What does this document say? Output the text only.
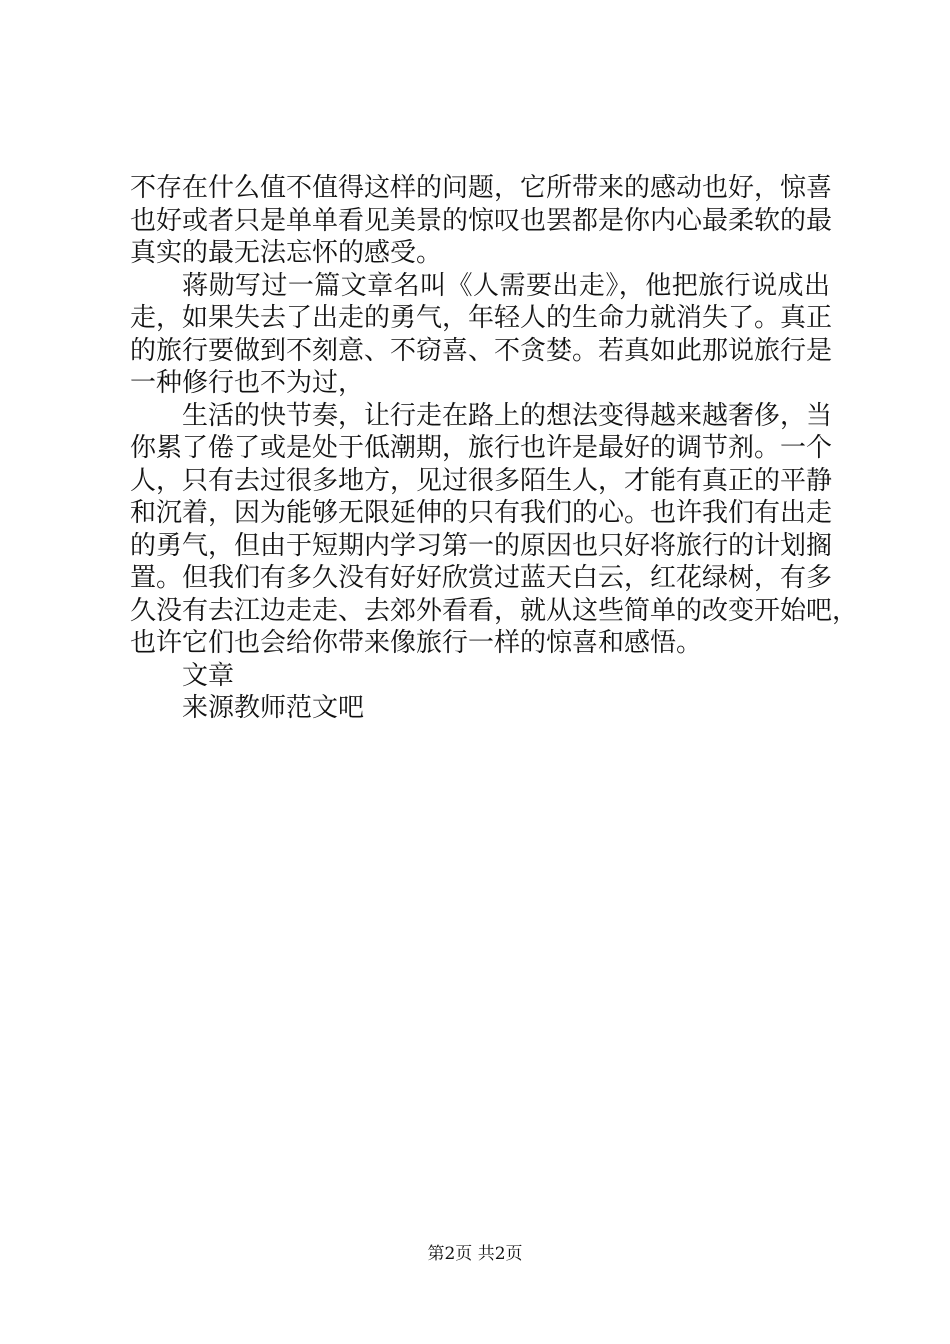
不存在什么值不值得这样的问题，它所带来的感动也好，惊喜
也好或者只是单单看见美景的惊叹也罢都是你内心最柔软的最
真实的最无法忘怀的感受。
蒋勋写过一篇文章名叫《人需要出走》，他把旅行说成出
走，如果失去了出走的勇气，年轻人的生命力就消失了。真正
的旅行要做到不刻意、不窃喜、不贪婪。若真如此那说旅行是
一种修行也不为过，
生活的快节奏，让行走在路上的想法变得越来越奢侈，当
你累了倦了或是处于低潮期，旅行也许是最好的调节剂。一个
人，只有去过很多地方，见过很多陌生人，才能有真正的平静
和沉着，因为能够无限延伸的只有我们的心。也许我们有出走
的勇气，但由于短期内学习第一的原因也只好将旅行的计划搁
置。但我们有多久没有好好欣赏过蓝天白云，红花绿树，有多
久没有去江边走走、去郊外看看，就从这些简单的改变开始吧，
也许它们也会给你带来像旅行一样的惊喜和感悟。
文章
来源教师范文吧
第2页 共2页
